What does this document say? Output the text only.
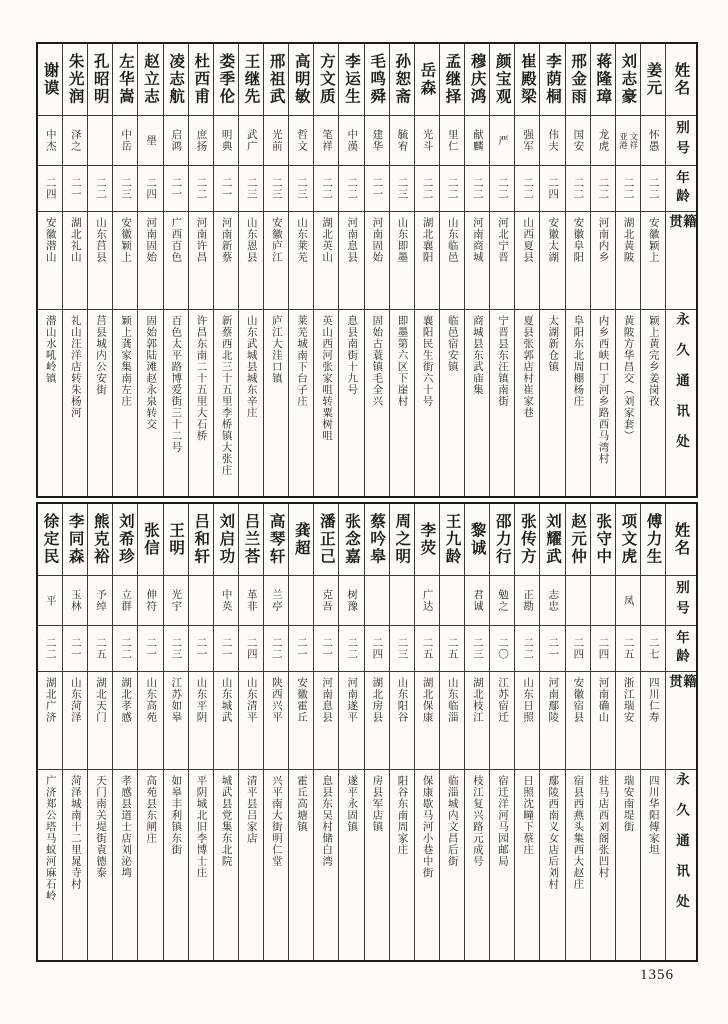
姓名
别号
年龄
籍贯
永久通讯处
姜元
怀愚
二二
安徽颖上
颖上黄完乡姜岗孜
刘志豪
文祥
亚港
二二
湖北黄陂
黄陂方华昌交（刘家套）
蒋隆璋
龙虎
二二
河南内乡
内乡西峡口丁河乡路西马湾村
邢金雨
国安
二二
安徽阜阳
阜阳东北周棚杨庄
李荫桐
伟夫
二四
安徽太湖
太湖新仓镇
崔殿梁
强军
二二
山西夏县
夏县张郭店村崔家巷
颜宝观
严
二二
河北宁晋
宁晋县东汪镇南街
穆庆鸿
献麟
二二
河南商城
商城县东武庙集
孟继择
里仁
二二
山东临邑
临邑宿安镇
岳森
光斗
二二
湖北襄阳
襄阳民生街六十号
孙恕斋
毓宥
二三
山东即墨
即墨第六区下崖村
毛鸣舜
建华
二一
河南固始
固始古蓑镇毛全兴
李运生
中漢
二二
河南息县
息县南街十九号
方文质
笔祥
二二
湖北英山
英山西河张家咀转粟树咀
高明敏
哲文
二三
山东莱芜
莱芜城南下台子庄
邢祖武
光前
二三
安徽庐江
庐江大洼口镇
王继先
武广
二三
山东恩县
山东武城县城东辛庄
娄季伦
明典
二一
河南新蔡
新蔡西北三十五里李桥镇大张庄
杜西甫
庶扬
二二
河南许昌
许昌东南二十五里大石桥
凌志航
启鸿
二一
广西百色
百色太平路博爱街三十二号
赵立志
壆
二四
河南固始
固始郭陆滩赵永泉转交
左华嵩
中岳
二三
安徽颖上
颖上龚家集南左庄
孔昭明
二二
山东莒县
莒县城内公安街
朱光润
泽之
二一
湖北礼山
礼山汪洋店转朱杨河
谢谟
中杰
二四
安徽潜山
潜山水吼岭镇
姓名
别号
年龄
籍贯
永久通讯处
傅力生
二七
四川仁寿
四川华阳傅家坦
项文虎
凤
二五
浙江瑞安
瑞安南堤街
张守中
二四
河南确山
驻马店西刘阁张凹村
赵元仲
二四
安徽宿县
宿县西燕头集西大赵庄
刘耀武
志忠
二一
河南鄢陵
鄢陵西南义女店后刘村
张传方
正勘
二二
山东日照
日照沈疃下蔡庄
邵力行
勉之
二〇
江苏宿迁
宿迁洋河马园邮局
黎诚
君诚
二三
湖北枝江
枝江复兴路元成号
王九龄
二五
山东临淄
临淄城内文昌后街
李荧
广达
二五
湖北保康
保康歇马河小巷中街
周之明
二三
山东阳谷
阳谷东南周家庄
蔡吟皋
二四
湖北房县
房县军店镇
张念嘉
树豫
二二
河南遂平
遂平永固镇
潘正己
克吾
二一
河南息县
息县东吴村储白湾
龚超
二一
安徽霍丘
霍丘高塘镇
高琴轩
兰亭
二二
陕西兴平
兴平南大街明仁堂
吕兰荅
革非
二四
山东清平
清平县吕家店
刘启功
中英
二一
山东城武
城武县党集东北院
吕和轩
二一
山东平阴
平阴城北旧李博士庄
王明
光宇
二三
江苏如皋
如皋丰利镇东街
张信
伸符
二一
山东高苑
高苑县东闸庄
刘希珍
立群
二二
湖北孝感
孝感县道士店刘泌塆
熊克裕
予绰
二五
湖北天门
天门南关堤街袁德泰
李同森
玉林
二一
山东菏泽
菏泽城南十二里晁寺村
徐定民
平
二二
湖北广济
广济郑公塔马蚁河麻石岭
1356
